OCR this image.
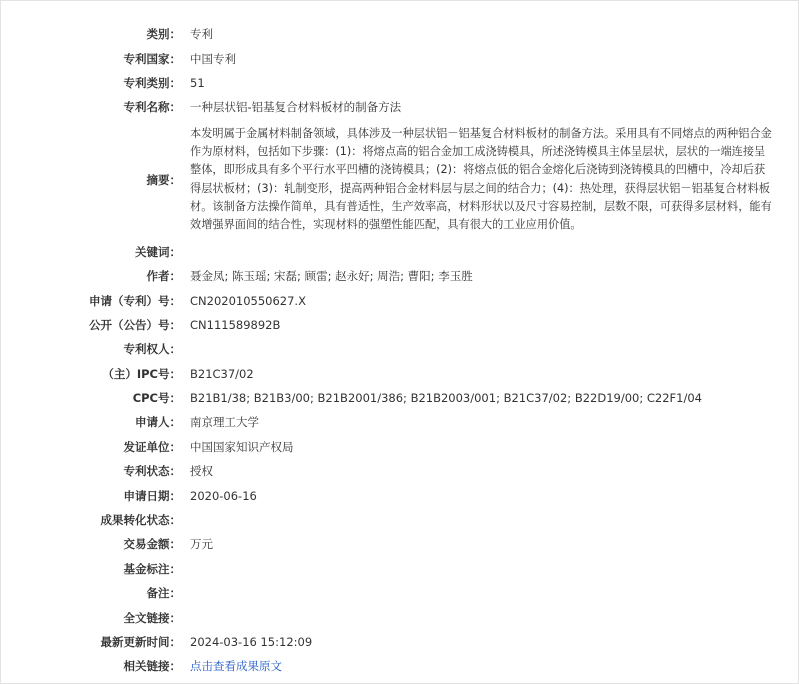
类别： 专利
专利国家： 中国专利
专利类别： 51
专利名称： 一种层状铝-铝基复合材料板材的制备方法
摘要：
本发明属于金属材料制备领域，具体涉及一种层状铝－铝基复合材料板材的制备方法。采用具有不同熔点的两种铝合金作为原材料，包括如下步骤：(1)：将熔点高的铝合金加工成浇铸模具，所述浇铸模具主体呈层状，层状的一端连接呈整体，即形成具有多个平行水平凹槽的浇铸模具；(2)：将熔点低的铝合金熔化后浇铸到浇铸模具的凹槽中，冷却后获得层状板材；(3)：轧制变形，提高两种铝合金材料层与层之间的结合力；(4)：热处理，获得层状铝－铝基复合材料板材。该制备方法操作简单，具有普适性，生产效率高，材料形状以及尺寸容易控制，层数不限，可获得多层材料，能有效增强界面间的结合性，实现材料的强塑性能匹配，具有很大的工业应用价值。
关键词：
作者： 聂金凤; 陈玉瑶; 宋磊; 顾雷; 赵永好; 周浩; 曹阳; 李玉胜
申请（专利）号： CN202010550627.X
公开（公告）号： CN111589892B
专利权人：
（主）IPC号： B21C37/02
CPC号： B21B1/38; B21B3/00; B21B2001/386; B21B2003/001; B21C37/02; B22D19/00; C22F1/04
申请人： 南京理工大学
发证单位： 中国国家知识产权局
专利状态： 授权
申请日期： 2020-06-16
成果转化状态：
交易金额： 万元
基金标注：
备注：
全文链接：
最新更新时间： 2024-03-16 15:12:09
相关链接： 点击查看成果原文
